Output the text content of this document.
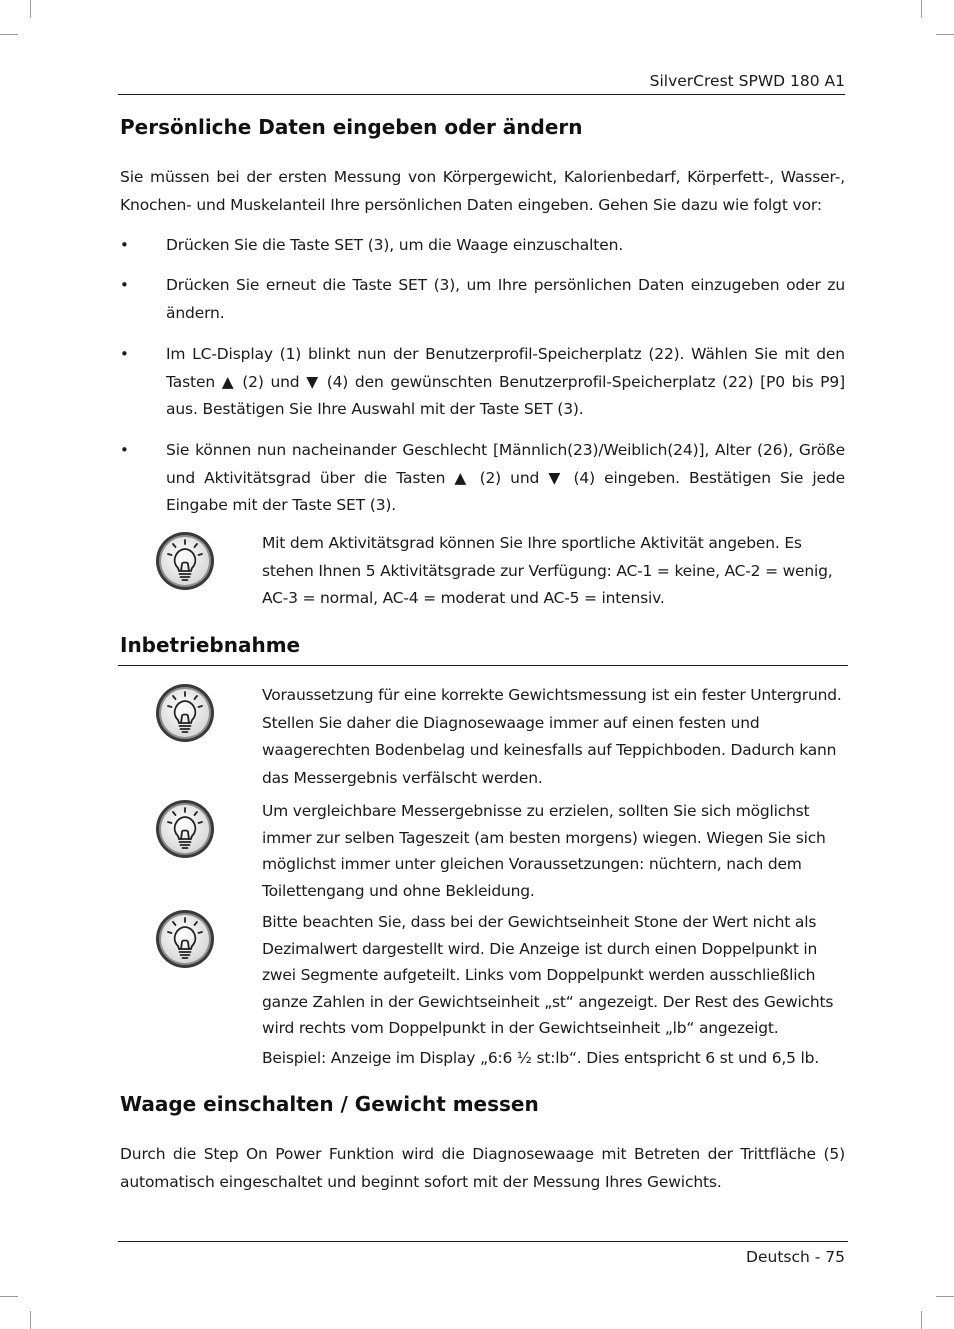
SilverCrest SPWD 180 A1
Persönliche Daten eingeben oder ändern

Sie müssen bei der ersten Messung von Körpergewicht, Kalorienbedarf, Körperfett-, Wasser-, Knochen- und Muskelanteil Ihre persönlichen Daten eingeben. Gehen Sie dazu wie folgt vor:

• Drücken Sie die Taste SET (3), um die Waage einzuschalten.

• Drücken Sie erneut die Taste SET (3), um Ihre persönlichen Daten einzugeben oder zu ändern.

• Im LC-Display (1) blinkt nun der Benutzerprofil-Speicherplatz (22). Wählen Sie mit den Tasten ▲ (2) und ▼ (4) den gewünschten Benutzerprofil-Speicherplatz (22) [P0 bis P9] aus. Bestätigen Sie Ihre Auswahl mit der Taste SET (3).

• Sie können nun nacheinander Geschlecht [Männlich(23)/Weiblich(24)], Alter (26), Größe und Aktivitätsgrad über die Tasten ▲ (2) und ▼ (4) eingeben. Bestätigen Sie jede Eingabe mit der Taste SET (3).

Mit dem Aktivitätsgrad können Sie Ihre sportliche Aktivität angeben. Es stehen Ihnen 5 Aktivitätsgrade zur Verfügung: AC-1 = keine, AC-2 = wenig, AC-3 = normal, AC-4 = moderat und AC-5 = intensiv.

Inbetriebnahme

Voraussetzung für eine korrekte Gewichtsmessung ist ein fester Untergrund. Stellen Sie daher die Diagnosewaage immer auf einen festen und waagerechten Bodenbelag und keinesfalls auf Teppichboden. Dadurch kann das Messergebnis verfälscht werden.

Um vergleichbare Messergebnisse zu erzielen, sollten Sie sich möglichst immer zur selben Tageszeit (am besten morgens) wiegen. Wiegen Sie sich möglichst immer unter gleichen Voraussetzungen: nüchtern, nach dem Toilettengang und ohne Bekleidung.

Bitte beachten Sie, dass bei der Gewichtseinheit Stone der Wert nicht als Dezimalwert dargestellt wird. Die Anzeige ist durch einen Doppelpunkt in zwei Segmente aufgeteilt. Links vom Doppelpunkt werden ausschließlich ganze Zahlen in der Gewichtseinheit „st“ angezeigt. Der Rest des Gewichts wird rechts vom Doppelpunkt in der Gewichtseinheit „lb“ angezeigt.

Beispiel: Anzeige im Display „6:6 ½ st:lb“. Dies entspricht 6 st und 6,5 lb.

Waage einschalten / Gewicht messen

Durch die Step On Power Funktion wird die Diagnosewaage mit Betreten der Trittfläche (5) automatisch eingeschaltet und beginnt sofort mit der Messung Ihres Gewichts.

Deutsch - 75
